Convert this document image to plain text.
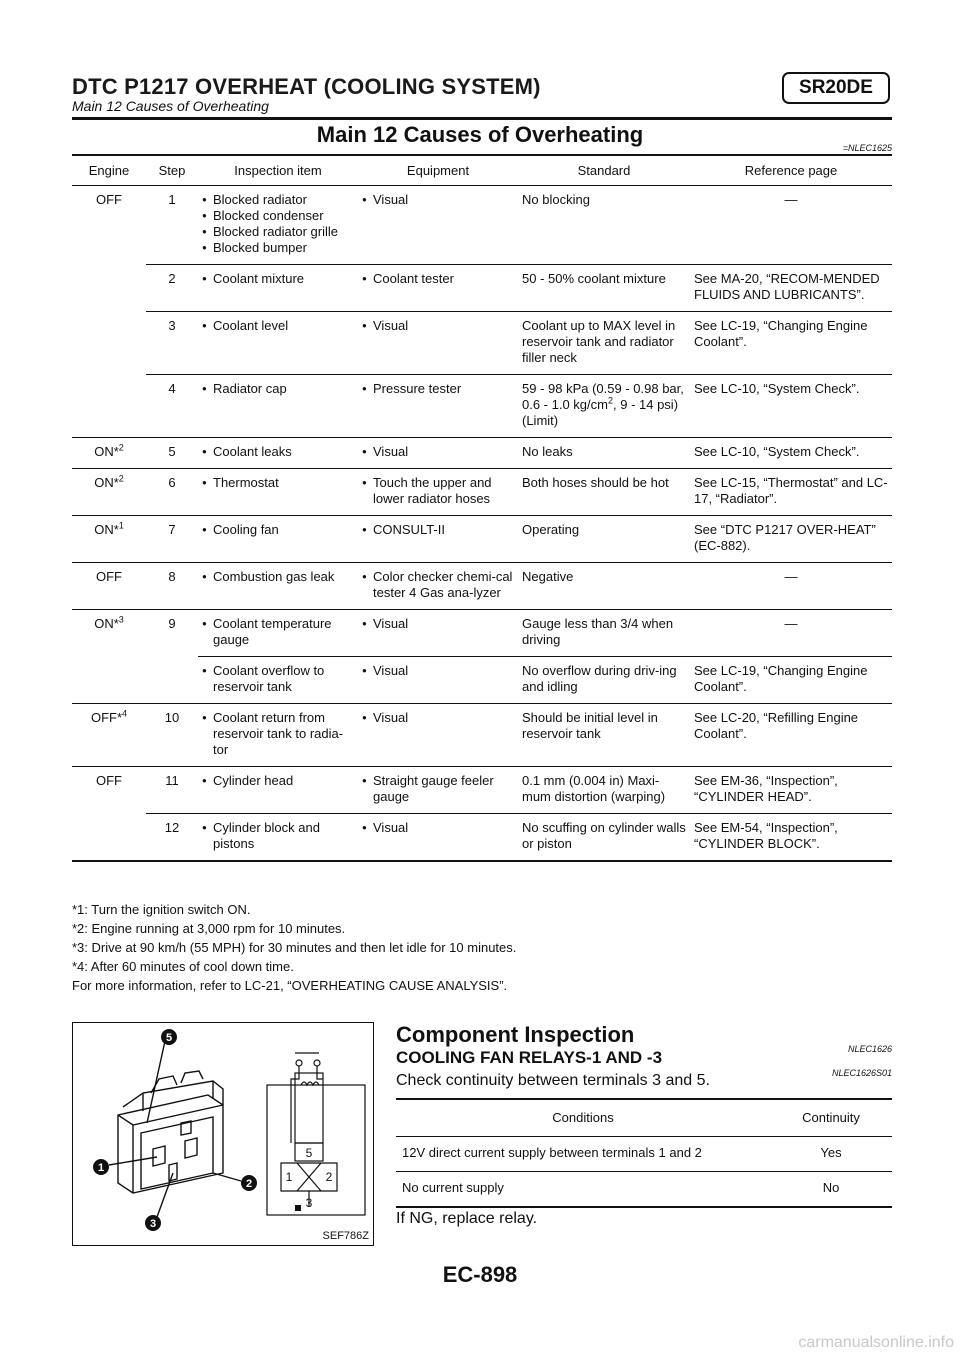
DTC P1217 OVERHEAT (COOLING SYSTEM)	SR20DE
Main 12 Causes of Overheating
Main 12 Causes of Overheating
=NLEC1625
Engine	Step	Inspection item	Equipment	Standard	Reference page
OFF	1	● Blocked radiator
● Blocked condenser
● Blocked radiator grille
● Blocked bumper	● Visual	No blocking	—
	2	● Coolant mixture	● Coolant tester	50 - 50% coolant mixture	See MA-20, “RECOM-MENDED FLUIDS AND LUBRICANTS”.
	3	● Coolant level	● Visual	Coolant up to MAX level in reservoir tank and radiator filler neck	See LC-19, “Changing Engine Coolant”.
	4	● Radiator cap	● Pressure tester	59 - 98 kPa (0.59 - 0.98 bar, 0.6 - 1.0 $kg/cm^2$, 9 - 14 psi) (Limit)	See LC-10, “System Check”.
ON*$^2$	5	● Coolant leaks	● Visual	No leaks	See LC-10, “System Check”.
ON*$^2$	6	● Thermostat	● Touch the upper and lower radiator hoses	Both hoses should be hot	See LC-15, “Thermostat” and LC-17, “Radiator”.
ON*$^1$	7	● Cooling fan	● CONSULT-II	Operating	See “DTC P1217 OVER-HEAT” (EC-882).
OFF	8	● Combustion gas leak	● Color checker chemi-cal tester 4 Gas ana-lyzer	Negative	—
ON*$^3$	9	● Coolant temperature gauge	● Visual	Gauge less than 3/4 when driving	—

		● Coolant overflow to reservoir tank	● Visual	No overflow during driv-ing and idling	See LC-19, “Changing Engine Coolant”.
OFF*$^4$	10	● Coolant return from reservoir tank to radia-tor	● Visual	Should be initial level in reservoir tank	See LC-20, “Refilling Engine Coolant”.
OFF	11	● Cylinder head	● Straight gauge feeler gauge	0.1 mm (0.004 in) Maxi-mum distortion (warping)	See EM-36, “Inspection”, “CYLINDER HEAD”.
	12	● Cylinder block and pistons	● Visual	No scuffing on cylinder walls or piston	See EM-54, “Inspection”, “CYLINDER BLOCK”.
*1: Turn the ignition switch ON.
*2: Engine running at 3,000 rpm for 10 minutes.
*3: Drive at 90 km/h (55 MPH) for 30 minutes and then let idle for 10 minutes.
*4: After 60 minutes of cool down time.
For more information, refer to LC-21, “OVERHEATING CAUSE ANALYSIS”.
5
1
2
3
5
1	2
3
SEF786Z
Component Inspection
NLEC1626
COOLING FAN RELAYS-1 AND -3
NLEC1626S01
Check continuity between terminals 3 and 5.
Conditions	Continuity
12V direct current supply between terminals 1 and 2	Yes
No current supply	No
If NG, replace relay.
EC-898
carmanualsonline.info
